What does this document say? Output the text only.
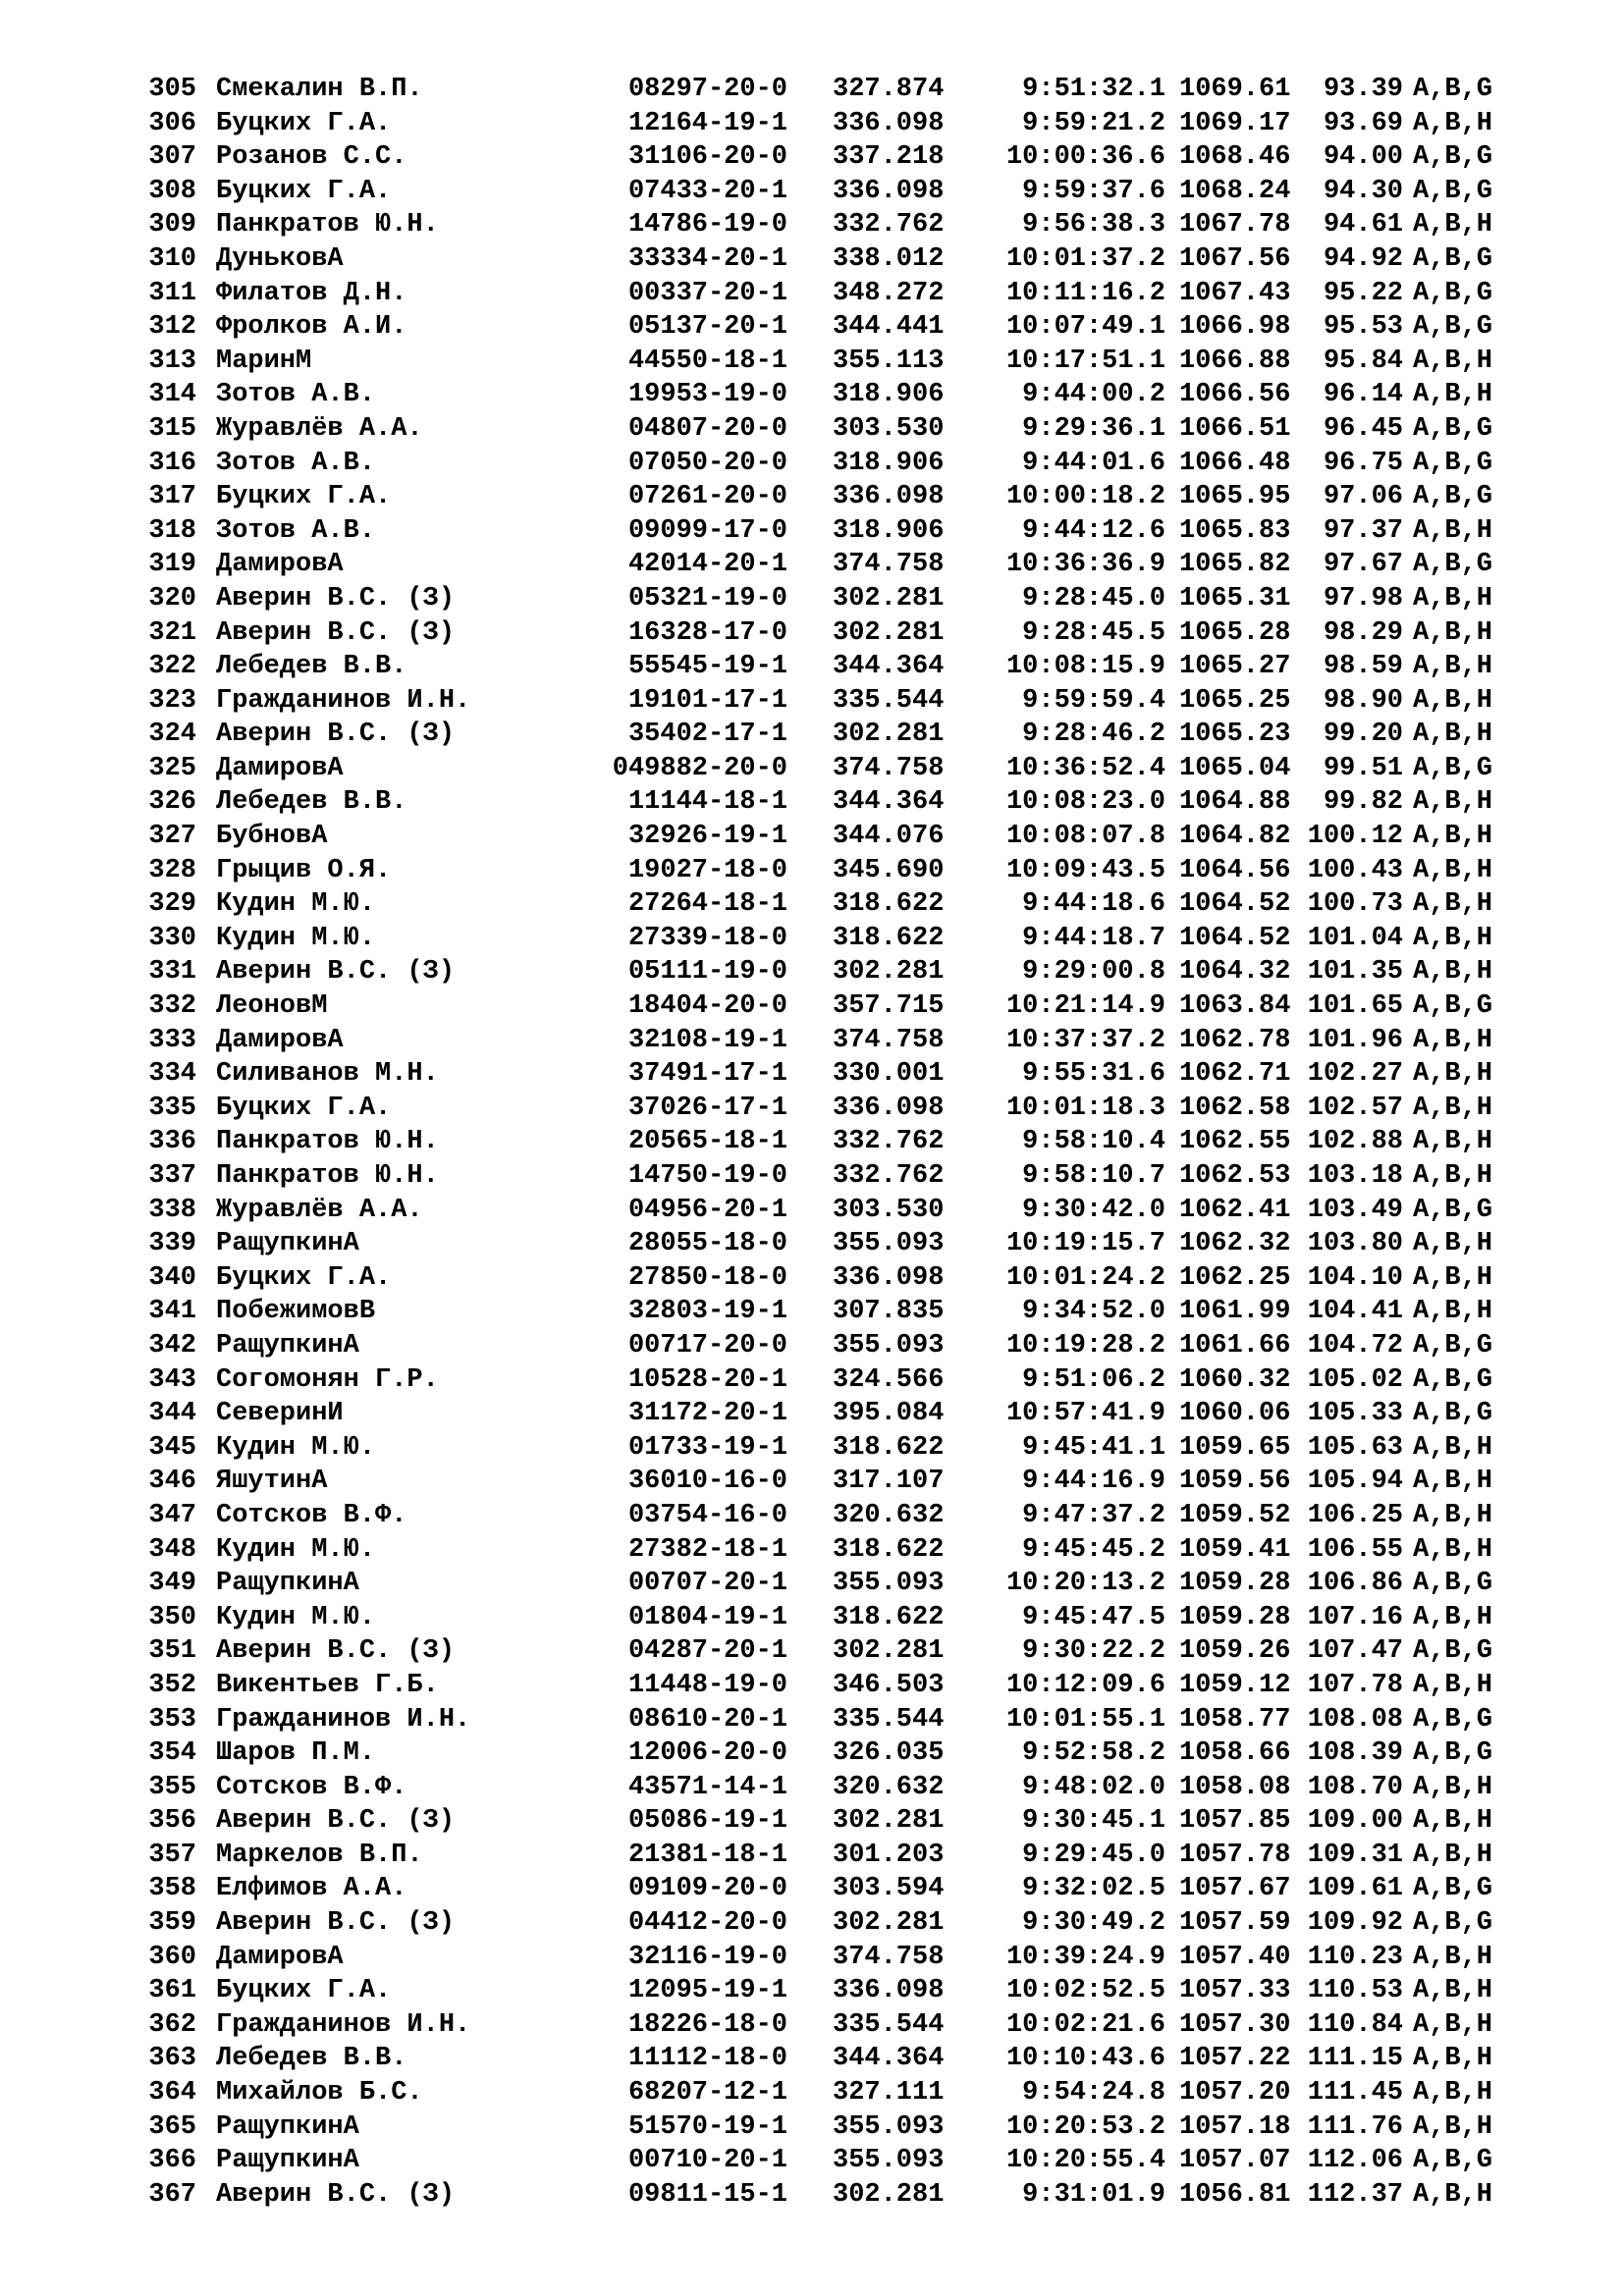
305 Смекалин В.П.	08297-20-0 327.874	9:51:32.1 1069.61	93.39 A,B,G
306 Буцких Г.А.	12164-19-1 336.098	9:59:21.2 1069.17	93.69 A,B,H
307 Розанов С.С.	31106-20-0 337.218	10:00:36.6 1068.46	94.00 A,B,G
308 Буцких Г.А.	07433-20-1 336.098	9:59:37.6 1068.24	94.30 A,B,G
309 Панкратов Ю.Н.	14786-19-0 332.762	9:56:38.3 1067.78	94.61 A,B,H
310 ДуньковА	33334-20-1 338.012	10:01:37.2 1067.56	94.92 A,B,G
311 Филатов Д.Н.	00337-20-1 348.272	10:11:16.2 1067.43	95.22 A,B,G
312 Фролков А.И.	05137-20-1 344.441	10:07:49.1 1066.98	95.53 A,B,G
313 МаринМ	44550-18-1 355.113	10:17:51.1 1066.88	95.84 A,B,H
314 Зотов А.В.	19953-19-0 318.906	9:44:00.2 1066.56	96.14 A,B,H
315 Журавлёв А.А.	04807-20-0 303.530	9:29:36.1 1066.51	96.45 A,B,G
316 Зотов А.В.	07050-20-0 318.906	9:44:01.6 1066.48	96.75 A,B,G
317 Буцких Г.А.	07261-20-0 336.098	10:00:18.2 1065.95	97.06 A,B,G
318 Зотов А.В.	09099-17-0 318.906	9:44:12.6 1065.83	97.37 A,B,H
319 ДамировА	42014-20-1 374.758	10:36:36.9 1065.82	97.67 A,B,G
320 Аверин В.С. (З)	05321-19-0 302.281	9:28:45.0 1065.31	97.98 A,B,H
321 Аверин В.С. (З)	16328-17-0 302.281	9:28:45.5 1065.28	98.29 A,B,H
322 Лебедев В.В.	55545-19-1 344.364	10:08:15.9 1065.27	98.59 A,B,H
323 Гражданинов И.Н.	19101-17-1 335.544	9:59:59.4 1065.25	98.90 A,B,H
324 Аверин В.С. (З)	35402-17-1 302.281	9:28:46.2 1065.23	99.20 A,B,H
325 ДамировА	049882-20-0 374.758	10:36:52.4 1065.04	99.51 A,B,G
326 Лебедев В.В.	11144-18-1 344.364	10:08:23.0 1064.88	99.82 A,B,H
327 БубновА	32926-19-1 344.076	10:08:07.8 1064.82 100.12 A,B,H
328 Грыцив О.Я.	19027-18-0 345.690	10:09:43.5 1064.56 100.43 A,B,H
329 Кудин М.Ю.	27264-18-1 318.622	9:44:18.6 1064.52 100.73 A,B,H
330 Кудин М.Ю.	27339-18-0 318.622	9:44:18.7 1064.52 101.04 A,B,H
331 Аверин В.С. (З)	05111-19-0 302.281	9:29:00.8 1064.32 101.35 A,B,H
332 ЛеоновМ	18404-20-0 357.715	10:21:14.9 1063.84 101.65 A,B,G
333 ДамировА	32108-19-1 374.758	10:37:37.2 1062.78 101.96 A,B,H
334 Силиванов М.Н.	37491-17-1 330.001	9:55:31.6 1062.71 102.27 A,B,H
335 Буцких Г.А.	37026-17-1 336.098	10:01:18.3 1062.58 102.57 A,B,H
336 Панкратов Ю.Н.	20565-18-1 332.762	9:58:10.4 1062.55 102.88 A,B,H
337 Панкратов Ю.Н.	14750-19-0 332.762	9:58:10.7 1062.53 103.18 A,B,H
338 Журавлёв А.А.	04956-20-1 303.530	9:30:42.0 1062.41 103.49 A,B,G
339 РащупкинА	28055-18-0 355.093	10:19:15.7 1062.32 103.80 A,B,H
340 Буцких Г.А.	27850-18-0 336.098	10:01:24.2 1062.25 104.10 A,B,H
341 ПобежимовВ	32803-19-1 307.835	9:34:52.0 1061.99 104.41 A,B,H
342 РащупкинА	00717-20-0 355.093	10:19:28.2 1061.66 104.72 A,B,G
343 Согомонян Г.Р.	10528-20-1 324.566	9:51:06.2 1060.32 105.02 A,B,G
344 СеверинИ	31172-20-1 395.084	10:57:41.9 1060.06 105.33 A,B,G
345 Кудин М.Ю.	01733-19-1 318.622	9:45:41.1 1059.65 105.63 A,B,H
346 ЯшутинА	36010-16-0 317.107	9:44:16.9 1059.56 105.94 A,B,H
347 Сотсков В.Ф.	03754-16-0 320.632	9:47:37.2 1059.52 106.25 A,B,H
348 Кудин М.Ю.	27382-18-1 318.622	9:45:45.2 1059.41 106.55 A,B,H
349 РащупкинА	00707-20-1 355.093	10:20:13.2 1059.28 106.86 A,B,G
350 Кудин М.Ю.	01804-19-1 318.622	9:45:47.5 1059.28 107.16 A,B,H
351 Аверин В.С. (З)	04287-20-1 302.281	9:30:22.2 1059.26 107.47 A,B,G
352 Викентьев Г.Б.	11448-19-0 346.503	10:12:09.6 1059.12 107.78 A,B,H
353 Гражданинов И.Н.	08610-20-1 335.544	10:01:55.1 1058.77 108.08 A,B,G
354 Шаров П.М.	12006-20-0 326.035	9:52:58.2 1058.66 108.39 A,B,G
355 Сотсков В.Ф.	43571-14-1 320.632	9:48:02.0 1058.08 108.70 A,B,H
356 Аверин В.С. (З)	05086-19-1 302.281	9:30:45.1 1057.85 109.00 A,B,H
357 Маркелов В.П.	21381-18-1 301.203	9:29:45.0 1057.78 109.31 A,B,H
358 Елфимов А.А.	09109-20-0 303.594	9:32:02.5 1057.67 109.61 A,B,G
359 Аверин В.С. (З)	04412-20-0 302.281	9:30:49.2 1057.59 109.92 A,B,G
360 ДамировА	32116-19-0 374.758	10:39:24.9 1057.40 110.23 A,B,H
361 Буцких Г.А.	12095-19-1 336.098	10:02:52.5 1057.33 110.53 A,B,H
362 Гражданинов И.Н.	18226-18-0 335.544	10:02:21.6 1057.30 110.84 A,B,H
363 Лебедев В.В.	11112-18-0 344.364	10:10:43.6 1057.22 111.15 A,B,H
364 Михайлов Б.С.	68207-12-1 327.111	9:54:24.8 1057.20 111.45 A,B,H
365 РащупкинА	51570-19-1 355.093	10:20:53.2 1057.18 111.76 A,B,H
366 РащупкинА	00710-20-1 355.093	10:20:55.4 1057.07 112.06 A,B,G
367 Аверин В.С. (З)	09811-15-1 302.281	9:31:01.9 1056.81 112.37 A,B,H
